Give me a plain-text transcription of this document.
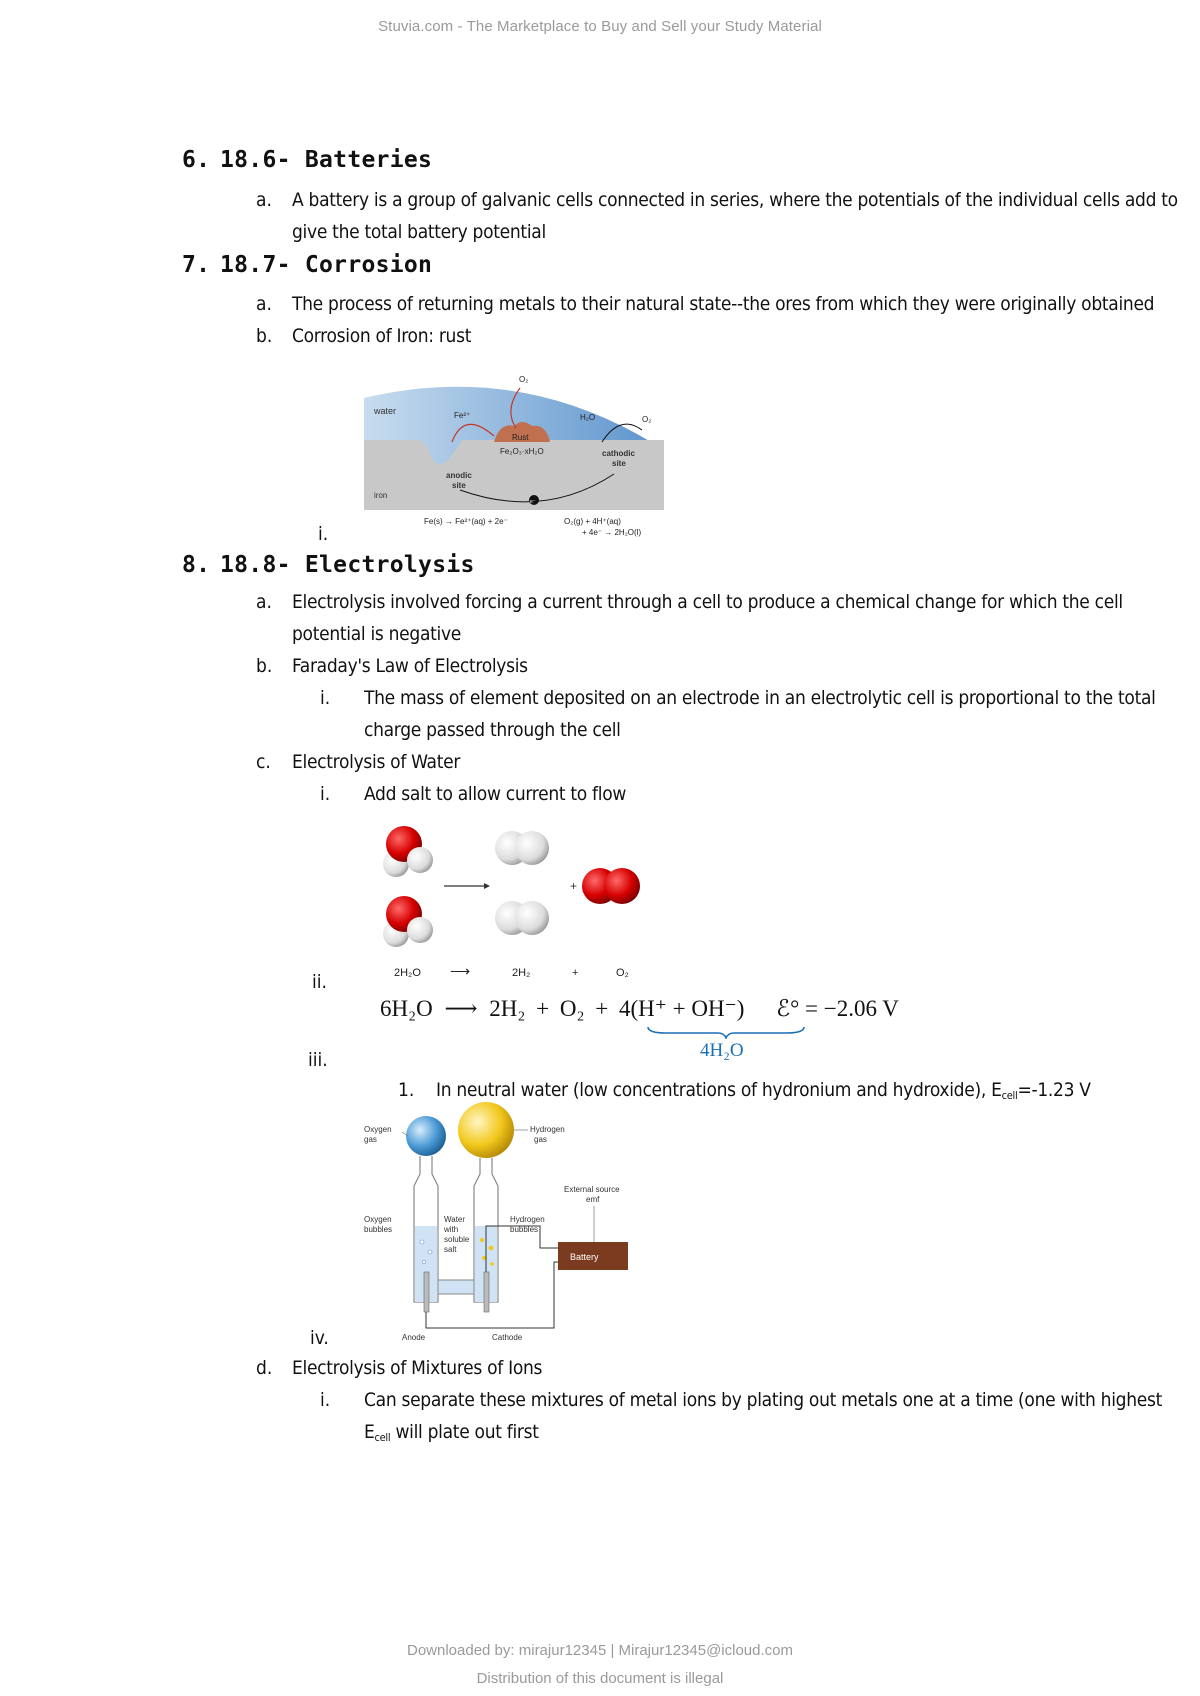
Stuvia.com - The Marketplace to Buy and Sell your Study Material
6. 18.6- Batteries
a. A battery is a group of galvanic cells connected in series, where the potentials of the individual cells add to
give the total battery potential
7. 18.7- Corrosion
a. The process of returning metals to their natural state--the ores from which they were originally obtained
b. Corrosion of Iron: rust
i.
water
O₂
Fe²⁺
Rust
Fe₂O₃·xH₂O
H₂O	O₂
cathodic
site
anodic
site
iron
e⁻
Fe(s) → Fe²⁺(aq) + 2e⁻	O₂(g) + 4H⁺(aq)
+ 4e⁻ → 2H₂O(l)
8. 18.8- Electrolysis
a. Electrolysis involved forcing a current through a cell to produce a chemical change for which the cell
potential is negative
b. Faraday's Law of Electrolysis
i. The mass of element deposited on an electrode in an electrolytic cell is proportional to the total
charge passed through the cell
c. Electrolysis of Water
i. Add salt to allow current to flow
ii.
iii.
1. In neutral water (low concentrations of hydronium and hydroxide), $E_{cell}=-1.23$ V
iv.
d. Electrolysis of Mixtures of Ions
i. Can separate these mixtures of metal ions by plating out metals one at a time (one with highest
$E_{cell}$ will plate out first
+
2H₂O ⟶	2H₂	+	O₂
6H₂O ⟶ 2H₂ + O₂ + 4(H⁺ + OH⁻) ℰ° = −2.06 V
4H₂O
Battery
Oxygen
gas
Hydrogen
gas
External source
emf
Oxygen
bubbles
Water
with
soluble
salt
Hydrogen
bubbles
Anode	Cathode
Downloaded by: mirajur12345 | Mirajur12345@icloud.com
Distribution of this document is illegal
